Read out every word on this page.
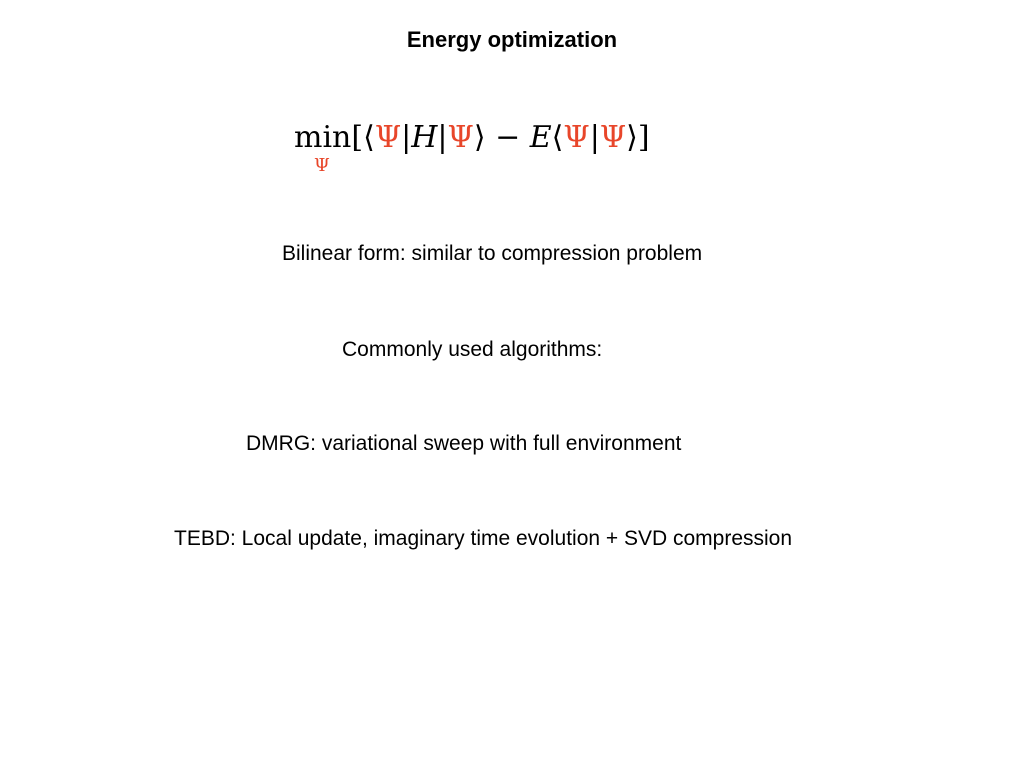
Energy optimization
min
Ψ
[⟨Ψ|H|Ψ⟩ − E⟨Ψ|Ψ⟩]
Bilinear form: similar to compression problem
Commonly used algorithms:
DMRG: variational sweep with full environment
TEBD: Local update, imaginary time evolution + SVD compression
